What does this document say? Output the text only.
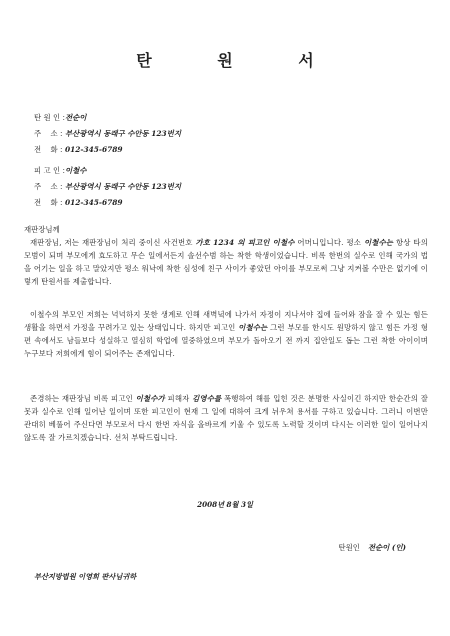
탄 원 서
탄 원 인 : 전순이
주    소 : 부산광역시 동래구 수안동 123번지
전    화 : 012-345-6789
피 고 인 : 이철수
주    소 : 부산광역시 동래구 수안동 123번지
전    화 : 012-345-6789
재판장님께

재판장님, 저는 재판장님이 처리 중이신 사건번호 가호 1234 의 피고인 이철수 어머니입니다. 평소 이철수는 항상 타의 모범이 되며 부모에게 효도하고 무슨 일에서든지 솔선수범 하는 착한 학생이었습니다. 비록 한번의 실수로 인해 국가의 법을 어기는 일을 하고 말았지만 평소 워낙에 착한 심성에 친구 사이가 좋았던 아이를 부모로써 그냥 지켜볼 수만은 없기에 이렇게 탄원서를 제출합니다.

이철수의 부모인 저희는 넉넉하지 못한 생계로 인해 새벽녘에 나가서 자정이 지나서야 집에 들어와 잠을 잘 수 있는 힘든 생활을 하면서 가정을 꾸려가고 있는 상태입니다. 하지만 피고인 이철수는 그런 부모를 한시도 원망하지 않고 힘든 가정 형편 속에서도 남들보다 성실하고 열심히 학업에 열중하였으며 부모가 돌아오기 전 까지 집안일도 돕는 그런 착한 아이이며 누구보다 저희에게 힘이 되어주는 존재입니다.

존경하는 재판장님 비록 피고인 이철수가 피해자 김영수를 폭행하여 해를 입힌 것은 분명한 사실이긴 하지만 한순간의 잘못과 실수로 인해 일어난 일이며 또한 피고인이 현재 그 일에 대하여 크게 뉘우쳐 용서를 구하고 있습니다. 그러니 이번만 관대히 베풀어 주신다면 부모로서 다시 한번 자식을 올바르게 키울 수 있도록 노력할 것이며 다시는 이러한 일이 일어나지 않도록 잘 가르치겠습니다. 선처 부탁드립니다.

2008년 8월 3일
탄원인 전순이 (인)
부산지방법원 이영희 판사님귀하
